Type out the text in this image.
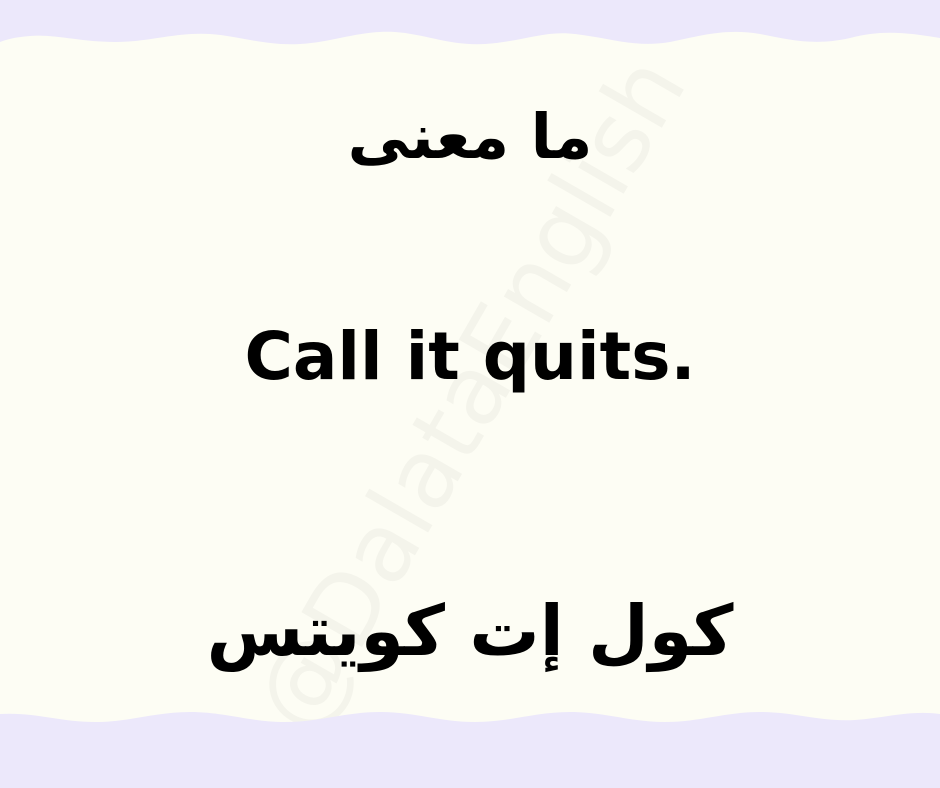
ما معنى
Call it quits.
كول إت كويتس
